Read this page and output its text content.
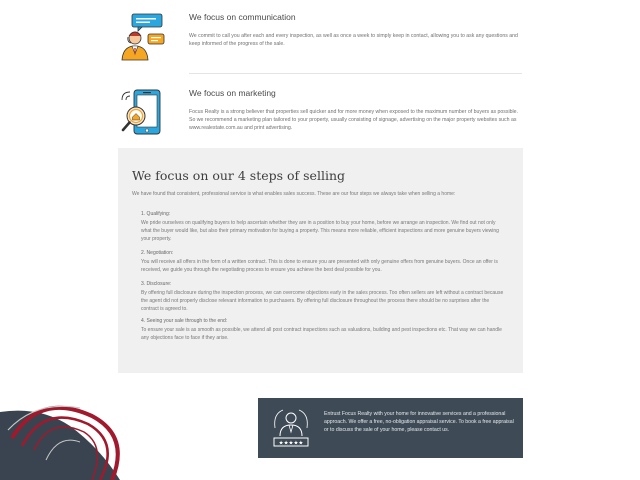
We focus on communication

We commit to call you after each and every inspection, as well as once a week to simply keep in contact, allowing you to ask any questions and keep informed of the progress of the sale.

We focus on marketing

Focus Realty is a strong believer that properties sell quicker and for more money when exposed to the maximum number of buyers as possible. So we recommend a marketing plan tailored to your property, usually consisting of signage, advertising on the major property websites such as www.realestate.com.au and print advertising.

We focus on our 4 steps of selling

We have found that consistent, professional service is what enables sales success. These are our four steps we always take when selling a home:

1. Qualifying:

We pride ourselves on qualifying buyers to help ascertain whether they are in a position to buy your home, before we arrange an inspection. We find out not only what the buyer would like, but also their primary motivation for buying a property. This means more reliable, efficient inspections and more genuine buyers viewing your property.

2. Negotiation:

You will receive all offers in the form of a written contract. This is done to ensure you are presented with only genuine offers from genuine buyers. Once an offer is received, we guide you through the negotiating process to ensure you achieve the best deal possible for you.

3. Disclosure:

By offering full disclosure during the inspection process, we can overcome objections early in the sales process. Too often sellers are left without a contract because the agent did not properly disclose relevant information to purchasers. By offering full disclosure throughout the process there should be no surprises after the contract is agreed to.

4. Seeing your sale through to the end:

To ensure your sale is as smooth as possible, we attend all post contract inspections such as valuations, building and pest inspections etc. That way we can handle any objections face to face if they arise.

★★★★★

Entrust Focus Realty with your home for innovative services and a professional approach. We offer a free, no-obligation appraisal service. To book a free appraisal or to discuss the sale of your home, please contact us.
